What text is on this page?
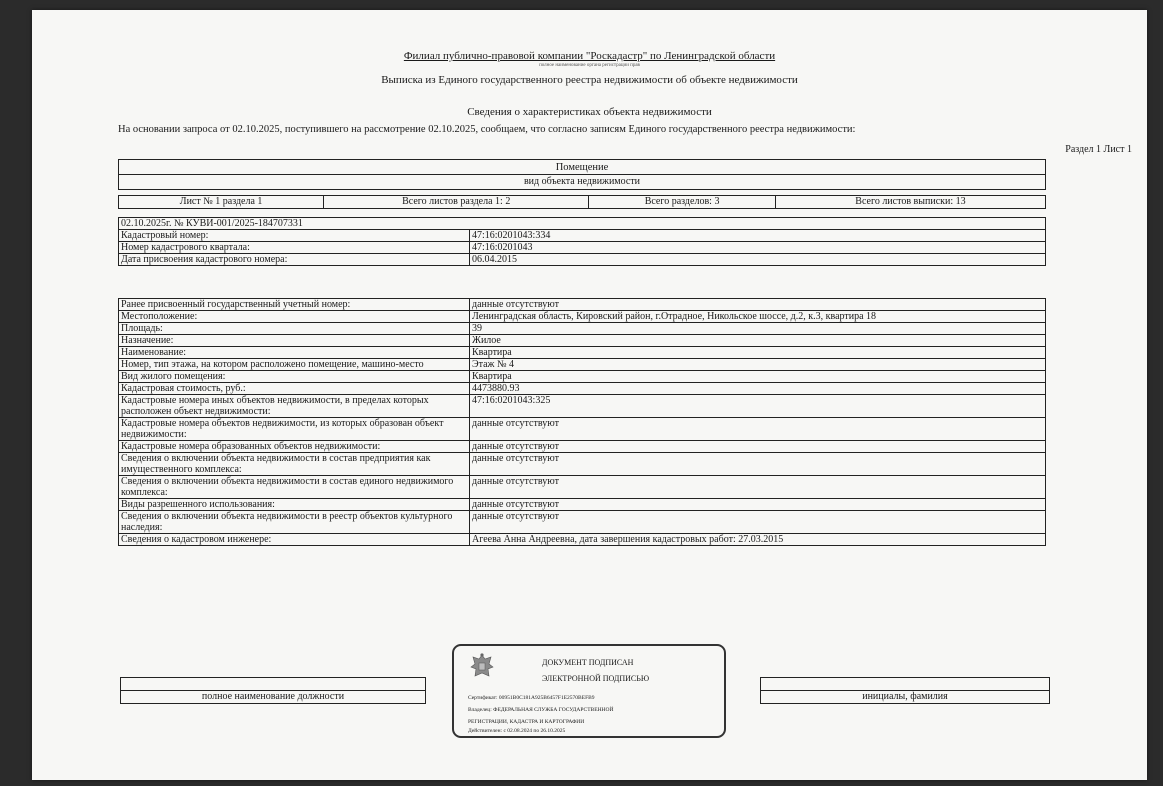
Филиал публично-правовой компании "Роскадастр" по Ленинградской области
полное наименование органа регистрации прав
Выписка из Единого государственного реестра недвижимости об объекте недвижимости
Сведения о характеристиках объекта недвижимости
На основании запроса от 02.10.2025, поступившего на рассмотрение 02.10.2025, сообщаем, что согласно записям Единого государственного реестра недвижимости:
Раздел 1 Лист 1
Помещение
вид объекта недвижимости
Лист № 1 раздела 1	Всего листов раздела 1: 2	Всего разделов: 3	Всего листов выписки: 13
02.10.2025г. № КУВИ-001/2025-184707331	
Кадастровый номер:	47:16:0201043:334
Номер кадастрового квартала:	47:16:0201043
Дата присвоения кадастрового номера:	06.04.2015
Ранее присвоенный государственный учетный номер:	данные отсутствуют
Местоположение:	Ленинградская область, Кировский район, г.Отрадное, Никольское шоссе, д.2, к.3, квартира 18
Площадь:	39
Назначение:	Жилое
Наименование:	Квартира
Номер, тип этажа, на котором расположено помещение, машино-место	Этаж № 4
Вид жилого помещения:	Квартира
Кадастровая стоимость, руб.:	4473880.93
Кадастровые номера иных объектов недвижимости, в пределах которых расположен объект недвижимости:	47:16:0201043:325
Кадастровые номера объектов недвижимости, из которых образован объект недвижимости:	данные отсутствуют
Кадастровые номера образованных объектов недвижимости:	данные отсутствуют
Сведения о включении объекта недвижимости в состав предприятия как имущественного комплекса:	данные отсутствуют
Сведения о включении объекта недвижимости в состав единого недвижимого комплекса:	данные отсутствуют
Виды разрешенного использования:	данные отсутствуют
Сведения о включении объекта недвижимости в реестр объектов культурного наследия:	данные отсутствуют
Сведения о кадастровом инженере:	Агеева Анна Андреевна, дата завершения кадастровых работ: 27.03.2015

полное наименование должности		инициалы, фамилия
ДОКУМЕНТ ПОДПИСАН
ЭЛЕКТРОННОЙ ПОДПИСЬЮ
Сертификат: 00951B0C181A925B6457F1E2570BEFB9
Владелец: ФЕДЕРАЛЬНАЯ СЛУЖБА ГОСУДАРСТВЕННОЙ
РЕГИСТРАЦИИ, КАДАСТРА И КАРТОГРАФИИ
Действителен: с 02.08.2024 по 26.10.2025
